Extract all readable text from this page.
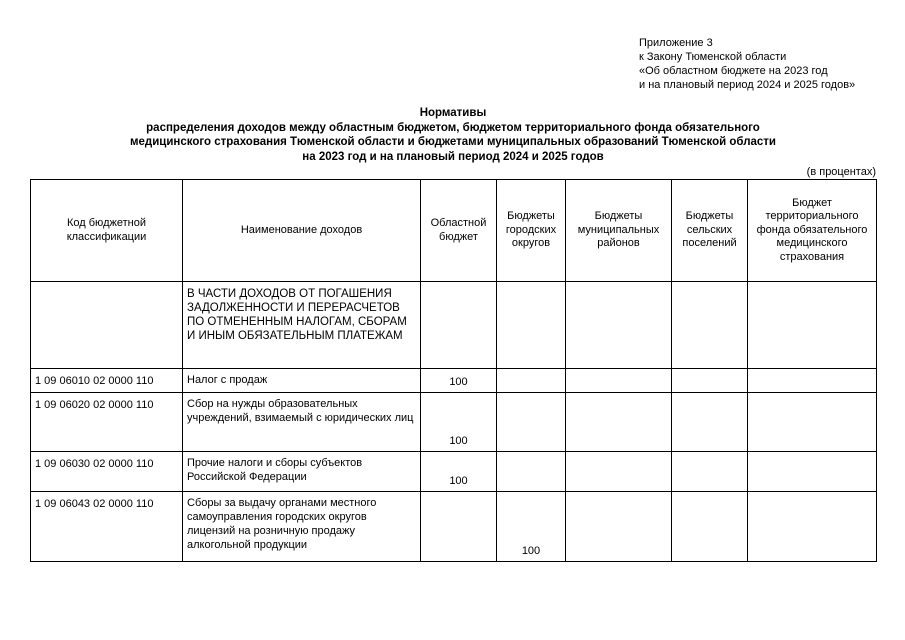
Приложение 3
к Закону Тюменской области
«Об областном бюджете на 2023 год
и на плановый период 2024 и 2025 годов»
Нормативы
распределения доходов между областным бюджетом, бюджетом территориального фонда обязательного
медицинского страхования Тюменской области и бюджетами муниципальных образований Тюменской области
на 2023 год и на плановый период 2024 и 2025 годов
(в процентах)
Код бюджетной классификации	Наименование доходов	Областной бюджет	Бюджеты городских округов	Бюджеты муниципальных районов	Бюджеты сельских поселений	Бюджет территориального фонда обязательного медицинского страхования
	В ЧАСТИ ДОХОДОВ ОТ ПОГАШЕНИЯ ЗАДОЛЖЕННОСТИ И ПЕРЕРАСЧЕТОВ ПО ОТМЕНЕННЫМ НАЛОГАМ, СБОРАМ И ИНЫМ ОБЯЗАТЕЛЬНЫМ ПЛАТЕЖАМ					
1 09 06010 02 0000 110	Налог с продаж	100				
1 09 06020 02 0000 110	Сбор на нужды образовательных учреждений, взимаемый с юридических лиц	100				
1 09 06030 02 0000 110	Прочие налоги и сборы субъектов Российской Федерации	100				
1 09 06043 02 0000 110	Сборы за выдачу органами местного самоуправления городских округов лицензий на розничную продажу алкогольной продукции		100			
